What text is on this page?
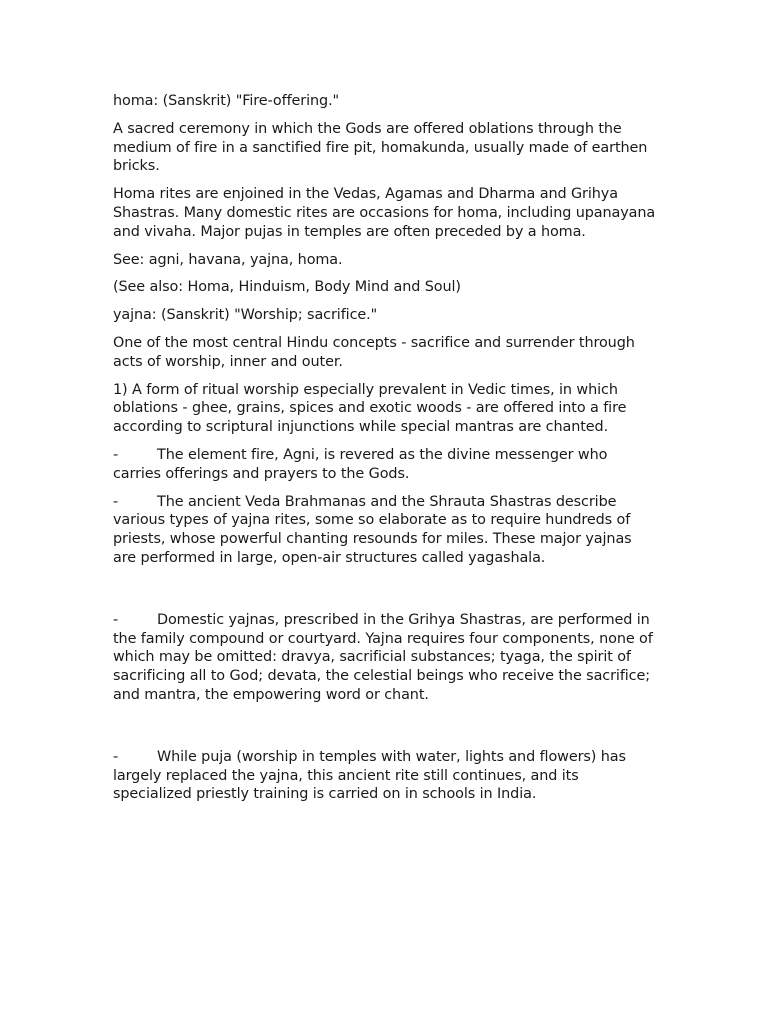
homa: (Sanskrit) "Fire-offering."

A sacred ceremony in which the Gods are offered oblations through the medium of fire in a sanctified fire pit, homakunda, usually made of earthen bricks.

Homa rites are enjoined in the Vedas, Agamas and Dharma and Grihya Shastras. Many domestic rites are occasions for homa, including upanayana and vivaha. Major pujas in temples are often preceded by a homa.

See: agni, havana, yajna, homa.

(See also: Homa, Hinduism, Body Mind and Soul)

yajna: (Sanskrit) "Worship; sacrifice."

One of the most central Hindu concepts - sacrifice and surrender through acts of worship, inner and outer.

1) A form of ritual worship especially prevalent in Vedic times, in which oblations - ghee, grains, spices and exotic woods - are offered into a fire according to scriptural injunctions while special mantras are chanted.

-	The element fire, Agni, is revered as the divine messenger who carries offerings and prayers to the Gods.

-	The ancient Veda Brahmanas and the Shrauta Shastras describe various types of yajna rites, some so elaborate as to require hundreds of priests, whose powerful chanting resounds for miles. These major yajnas are performed in large, open-air structures called yagashala.

-	Domestic yajnas, prescribed in the Grihya Shastras, are performed in the family compound or courtyard. Yajna requires four components, none of which may be omitted: dravya, sacrificial substances; tyaga, the spirit of sacrificing all to God; devata, the celestial beings who receive the sacrifice; and mantra, the empowering word or chant.

-	While puja (worship in temples with water, lights and flowers) has largely replaced the yajna, this ancient rite still continues, and its specialized priestly training is carried on in schools in India.
